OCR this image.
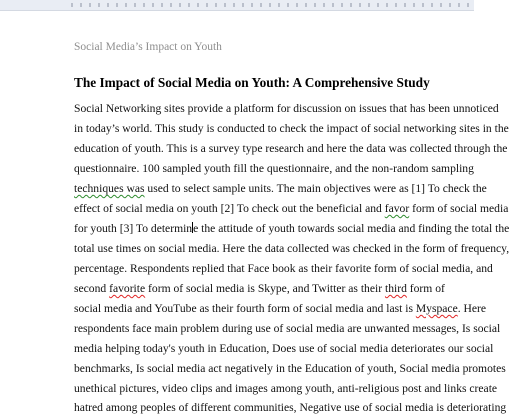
Social Media’s Impact on Youth
The Impact of Social Media on Youth: A Comprehensive Study
Social Networking sites provide a platform for discussion on issues that has been unnoticed
in today’s world. This study is conducted to check the impact of social networking sites in the
education of youth. This is a survey type research and here the data was collected through the
questionnaire. 100 sampled youth fill the questionnaire, and the non-random sampling
techniques was used to select sample units. The main objectives were as [1] To check the
effect of social media on youth [2] To check out the beneficial and favor form of social media
for youth [3] To determine the attitude of youth towards social media and finding the total the
total use times on social media. Here the data collected was checked in the form of frequency,
percentage. Respondents replied that Face book as their favorite form of social media, and
second favorite form of social media is Skype, and Twitter as their third form of
social media and YouTube as their fourth form of social media and last is Myspace. Here
respondents face main problem during use of social media are unwanted messages, Is social
media helping today's youth in Education, Does use of social media deteriorates our social
benchmarks, Is social media act negatively in the Education of youth, Social media promotes
unethical pictures, video clips and images among youth, anti-religious post and links create
hatred among peoples of different communities, Negative use of social media is deteriorating
